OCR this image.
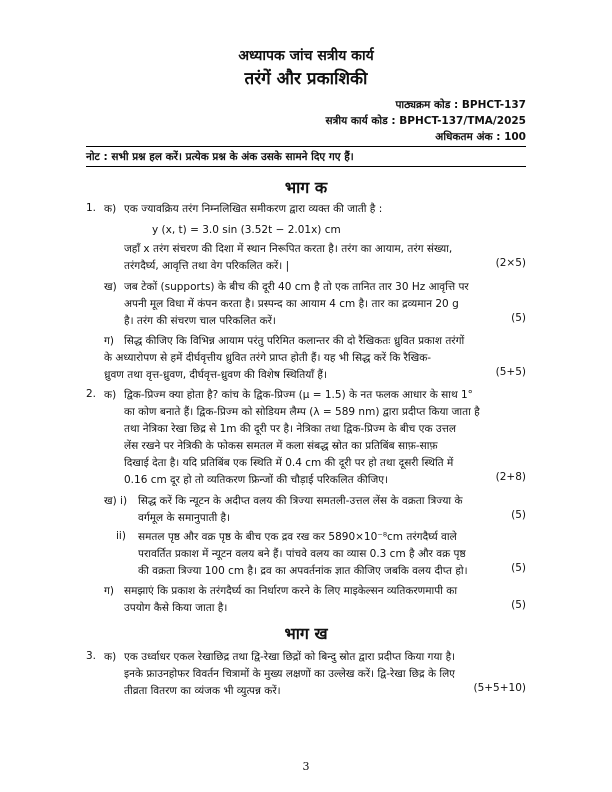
अध्यापक जांच सत्रीय कार्य
तरंगें और प्रकाशिकी
पाठ्यक्रम कोड : BPHCT-137
सत्रीय कार्य कोड : BPHCT-137/TMA/2025
अधिकतम अंक : 100
नोट : सभी प्रश्न हल करें। प्रत्येक प्रश्न के अंक उसके सामने दिए गए हैं।
भाग क
1. क) एक ज्यावक्रिय तरंग निम्नलिखित समीकरण द्वारा व्यक्त की जाती है :
y (x, t) = 3.0 sin (3.52t − 2.01x) cm
जहाँ x तरंग संचरण की दिशा में स्थान निरूपित करता है। तरंग का आयाम, तरंग संख्या,
तरंगदैर्घ्य, आवृत्ति तथा वेग परिकलित करें। |	(2×5)
ख) जब टेकों (supports) के बीच की दूरी 40 cm है तो एक तानित तार 30 Hz आवृत्ति पर
अपनी मूल विधा में कंपन करता है। प्रस्पन्द का आयाम 4 cm है। तार का द्रव्यमान 20 g
है। तरंग की संचरण चाल परिकलित करें।	(5)
ग) सिद्ध कीजिए कि विभिन्न आयाम परंतु परिमित कलान्तर की दो रैखिकतः ध्रुवित प्रकाश तरंगों
के अध्यारोपण से हमें दीर्घवृत्तीय ध्रुवित तरंगे प्राप्त होती हैं। यह भी सिद्ध करें कि रैखिक-
ध्रुवण तथा वृत्त-ध्रुवण, दीर्घवृत्त-ध्रुवण की विशेष स्थितियाँ हैं।	(5+5)
2. क) द्विक-प्रिज्म क्या होता है? कांच के द्विक-प्रिज्म (μ = 1.5) के नत फलक आधार के साथ 1°
का कोण बनाते हैं। द्विक-प्रिज्म को सोडियम लैम्प (λ = 589 nm) द्वारा प्रदीप्त किया जाता है
तथा नेत्रिका रेखा छिद्र से 1m की दूरी पर है। नेत्रिका तथा द्विक-प्रिज्म के बीच एक उत्तल
लेंस रखने पर नेत्रिकी के फोकस समतल में कला संबद्ध स्रोत का प्रतिबिंब साफ़-साफ़
दिखाई देता है। यदि प्रतिबिंब एक स्थिति में 0.4 cm की दूरी पर हो तथा दूसरी स्थिति में
0.16 cm दूर हो तो व्यतिकरण फ्रिन्जों की चौड़ाई परिकलित कीजिए।	(2+8)
ख) i) सिद्ध करें कि न्यूटन के अदीप्त वलय की त्रिज्या समतली-उत्तल लेंस के वक्रता त्रिज्या के
वर्गमूल के समानुपाती है।	(5)
ii) समतल पृष्ठ और वक्र पृष्ठ के बीच एक द्रव रख कर 5890×10⁻⁸cm तरंगदैर्घ्य वाले
परावर्तित प्रकाश में न्यूटन वलय बने हैं। पांचवे वलय का व्यास 0.3 cm है और वक्र पृष्ठ
की वक्रता त्रिज्या 100 cm है। द्रव का अपवर्तनांक ज्ञात कीजिए जबकि वलय दीप्त हो।	(5)
ग) समझाएं कि प्रकाश के तरंगदैर्घ्य का निर्धारण करने के लिए माइकेल्सन व्यतिकरणमापी का
उपयोग कैसे किया जाता है।	(5)
भाग ख
3. क) एक उर्ध्वाधर एकल रेखाछिद्र तथा द्वि-रेखा छिद्रों को बिन्दु स्रोत द्वारा प्रदीप्त किया गया है।
इनके फ्राउनहोफर विवर्तन चित्रामों के मुख्य लक्षणों का उल्लेख करें। द्वि-रेखा छिद्र के लिए
तीव्रता वितरण का व्यंजक भी व्युत्पन्न करें।	(5+5+10)
3
